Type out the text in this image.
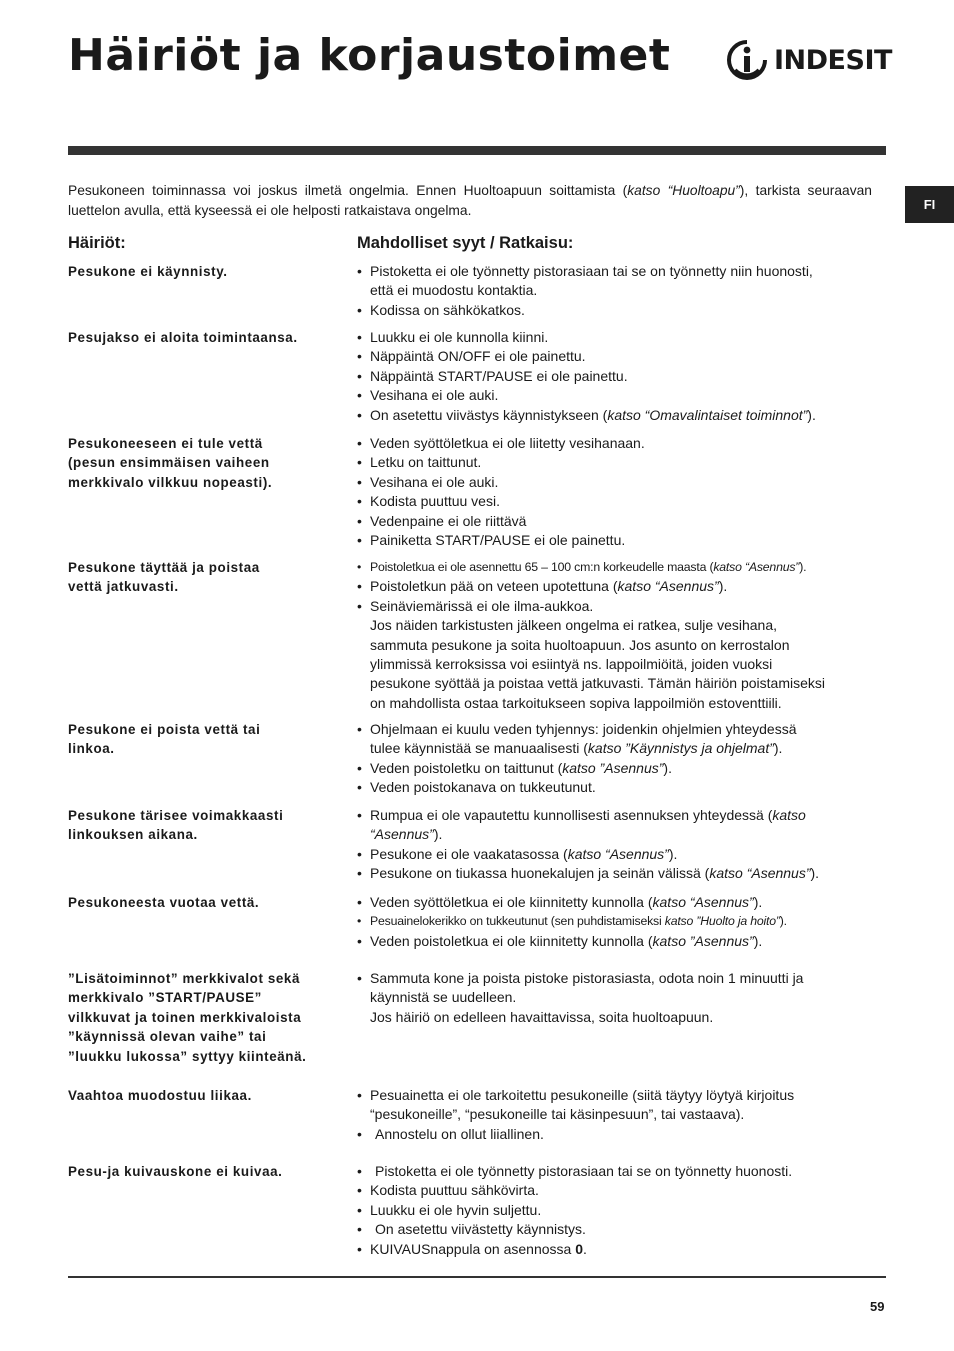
Häiriöt ja korjaustoimet	INDESIT
FI

Pesukoneen toiminnassa voi joskus ilmetä ongelmia. Ennen Huoltoapuun soittamista (katso “Huoltoapu”), tarkista seuraavan luettelon avulla, että kyseessä ei ole helposti ratkaistava ongelma.

Häiriöt:	Mahdolliset syyt / Ratkaisu:
Pesukone ei käynnisty.	• Pistoketta ei ole työnnetty pistorasiaan tai se on työnnetty niin huonosti,
että ei muodostu kontaktia.
• Kodissa on sähkökatkos.
Pesujakso ei aloita toimintaansa.	• Luukku ei ole kunnolla kiinni.
• Näppäintä ON/OFF ei ole painettu.
• Näppäintä START/PAUSE ei ole painettu.
• Vesihana ei ole auki.
• On asetettu viivästys käynnistykseen (katso “Omavalintaiset toiminnot”).
Pesukoneeseen ei tule vettä
(pesun ensimmäisen vaiheen
merkkivalo vilkkuu nopeasti).
• Veden syöttöletkua ei ole liitetty vesihanaan.
• Letku on taittunut.
• Vesihana ei ole auki.
• Kodista puuttuu vesi.
• Vedenpaine ei ole riittävä
• Painiketta START/PAUSE ei ole painettu.
Pesukone täyttää ja poistaa
vettä jatkuvasti.
• Poistoletkua ei ole asennettu 65 – 100 cm:n korkeudelle maasta (katso “Asennus”).
• Poistoletkun pää on veteen upotettuna (katso “Asennus”).
• Seinäviemärissä ei ole ilma-aukkoa.
Jos näiden tarkistusten jälkeen ongelma ei ratkea, sulje vesihana,
sammuta pesukone ja soita huoltoapuun. Jos asunto on kerrostalon
ylimmissä kerroksissa voi esiintyä ns. lappoilmiöitä, joiden vuoksi
pesukone syöttää ja poistaa vettä jatkuvasti. Tämän häiriön poistamiseksi
on mahdollista ostaa tarkoitukseen sopiva lappoilmiön estoventtiili.
Pesukone ei poista vettä tai
linkoa.
• Ohjelmaan ei kuulu veden tyhjennys: joidenkin ohjelmien yhteydessä
tulee käynnistää se manuaalisesti (katso ”Käynnistys ja ohjelmat”).
• Veden poistoletku on taittunut (katso ”Asennus”).
• Veden poistokanava on tukkeutunut.
Pesukone tärisee voimakkaasti
linkouksen aikana.
• Rumpua ei ole vapautettu kunnollisesti asennuksen yhteydessä (katso
“Asennus”).
• Pesukone ei ole vaakatasossa (katso “Asennus”).
• Pesukone on tiukassa huonekalujen ja seinän välissä (katso “Asennus”).
Pesukoneesta vuotaa vettä.	• Veden syöttöletkua ei ole kiinnitetty kunnolla (katso “Asennus”).
• Pesuainelokerikko on tukkeutunut (sen puhdistamiseksi katso ”Huolto ja hoito”).
• Veden poistoletkua ei ole kiinnitetty kunnolla (katso ”Asennus”).
”Lisätoiminnot” merkkivalot sekä
merkkivalo ”START/PAUSE”
vilkkuvat ja toinen merkkivaloista
”käynnissä olevan vaihe” tai
”luukku lukossa” syttyy kiinteänä.
• Sammuta kone ja poista pistoke pistorasiasta, odota noin 1 minuutti ja
käynnistä se uudelleen.
Jos häiriö on edelleen havaittavissa, soita huoltoapuun.
Vaahtoa muodostuu liikaa.	• Pesuainetta ei ole tarkoitettu pesukoneille (siitä täytyy löytyä kirjoitus
“pesukoneille”, “pesukoneille tai käsinpesuun”, tai vastaava).
• Annostelu on ollut liiallinen.
Pesu-ja kuivauskone ei kuivaa.	• Pistoketta ei ole työnnetty pistorasiaan tai se on työnnetty huonosti.
• Kodista puuttuu sähkövirta.
• Luukku ei ole hyvin suljettu.
• On asetettu viivästetty käynnistys.
• KUIVAUSnappula on asennossa 0.
59
